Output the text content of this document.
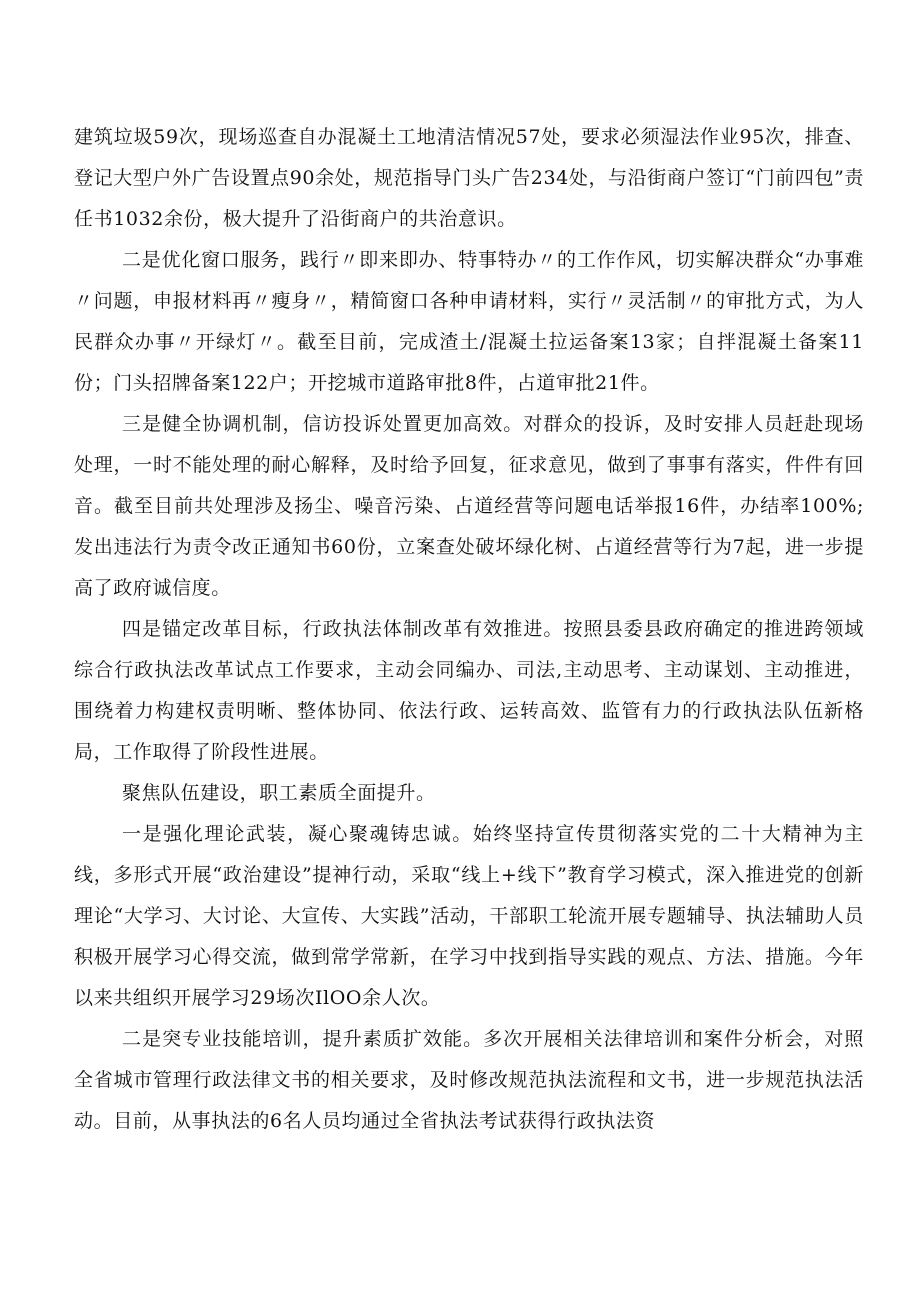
建筑垃圾59次，现场巡查自办混凝土工地清洁情况57处，要求必须湿法作业95次，排查、登记大型户外广告设置点90余处，规范指导门头广告234处，与沿街商户签订“门前四包”责任书1032余份，极大提升了沿街商户的共治意识。

二是优化窗口服务，践行〃即来即办、特事特办〃的工作作风，切实解决群众“办事难〃问题，申报材料再〃瘦身〃，精简窗口各种申请材料，实行〃灵活制〃的审批方式，为人民群众办事〃开绿灯〃。截至目前，完成渣土/混凝土拉运备案13家；自拌混凝土备案11份；门头招牌备案122户；开挖城市道路审批8件，占道审批21件。

三是健全协调机制，信访投诉处置更加高效。对群众的投诉，及时安排人员赶赴现场处理，一时不能处理的耐心解释，及时给予回复，征求意见，做到了事事有落实，件件有回音。截至目前共处理涉及扬尘、噪音污染、占道经营等问题电话举报16件，办结率100%;发出违法行为责令改正通知书60份，立案查处破坏绿化树、占道经营等行为7起，进一步提高了政府诚信度。

四是锚定改革目标，行政执法体制改革有效推进。按照县委县政府确定的推进跨领域综合行政执法改革试点工作要求，主动会同编办、司法,主动思考、主动谋划、主动推进，围绕着力构建权责明晰、整体协同、依法行政、运转高效、监管有力的行政执法队伍新格局，工作取得了阶段性进展。

聚焦队伍建设，职工素质全面提升。

一是强化理论武装，凝心聚魂铸忠诚。始终坚持宣传贯彻落实党的二十大精神为主线，多形式开展“政治建设”提神行动，采取“线上+线下”教育学习模式，深入推进党的创新理论“大学习、大讨论、大宣传、大实践”活动，干部职工轮流开展专题辅导、执法辅助人员积极开展学习心得交流，做到常学常新，在学习中找到指导实践的观点、方法、措施。今年以来共组织开展学习29场次IlOO余人次。

二是突专业技能培训，提升素质扩效能。多次开展相关法律培训和案件分析会，对照全省城市管理行政法律文书的相关要求，及时修改规范执法流程和文书，进一步规范执法活动。目前，从事执法的6名人员均通过全省执法考试获得行政执法资
